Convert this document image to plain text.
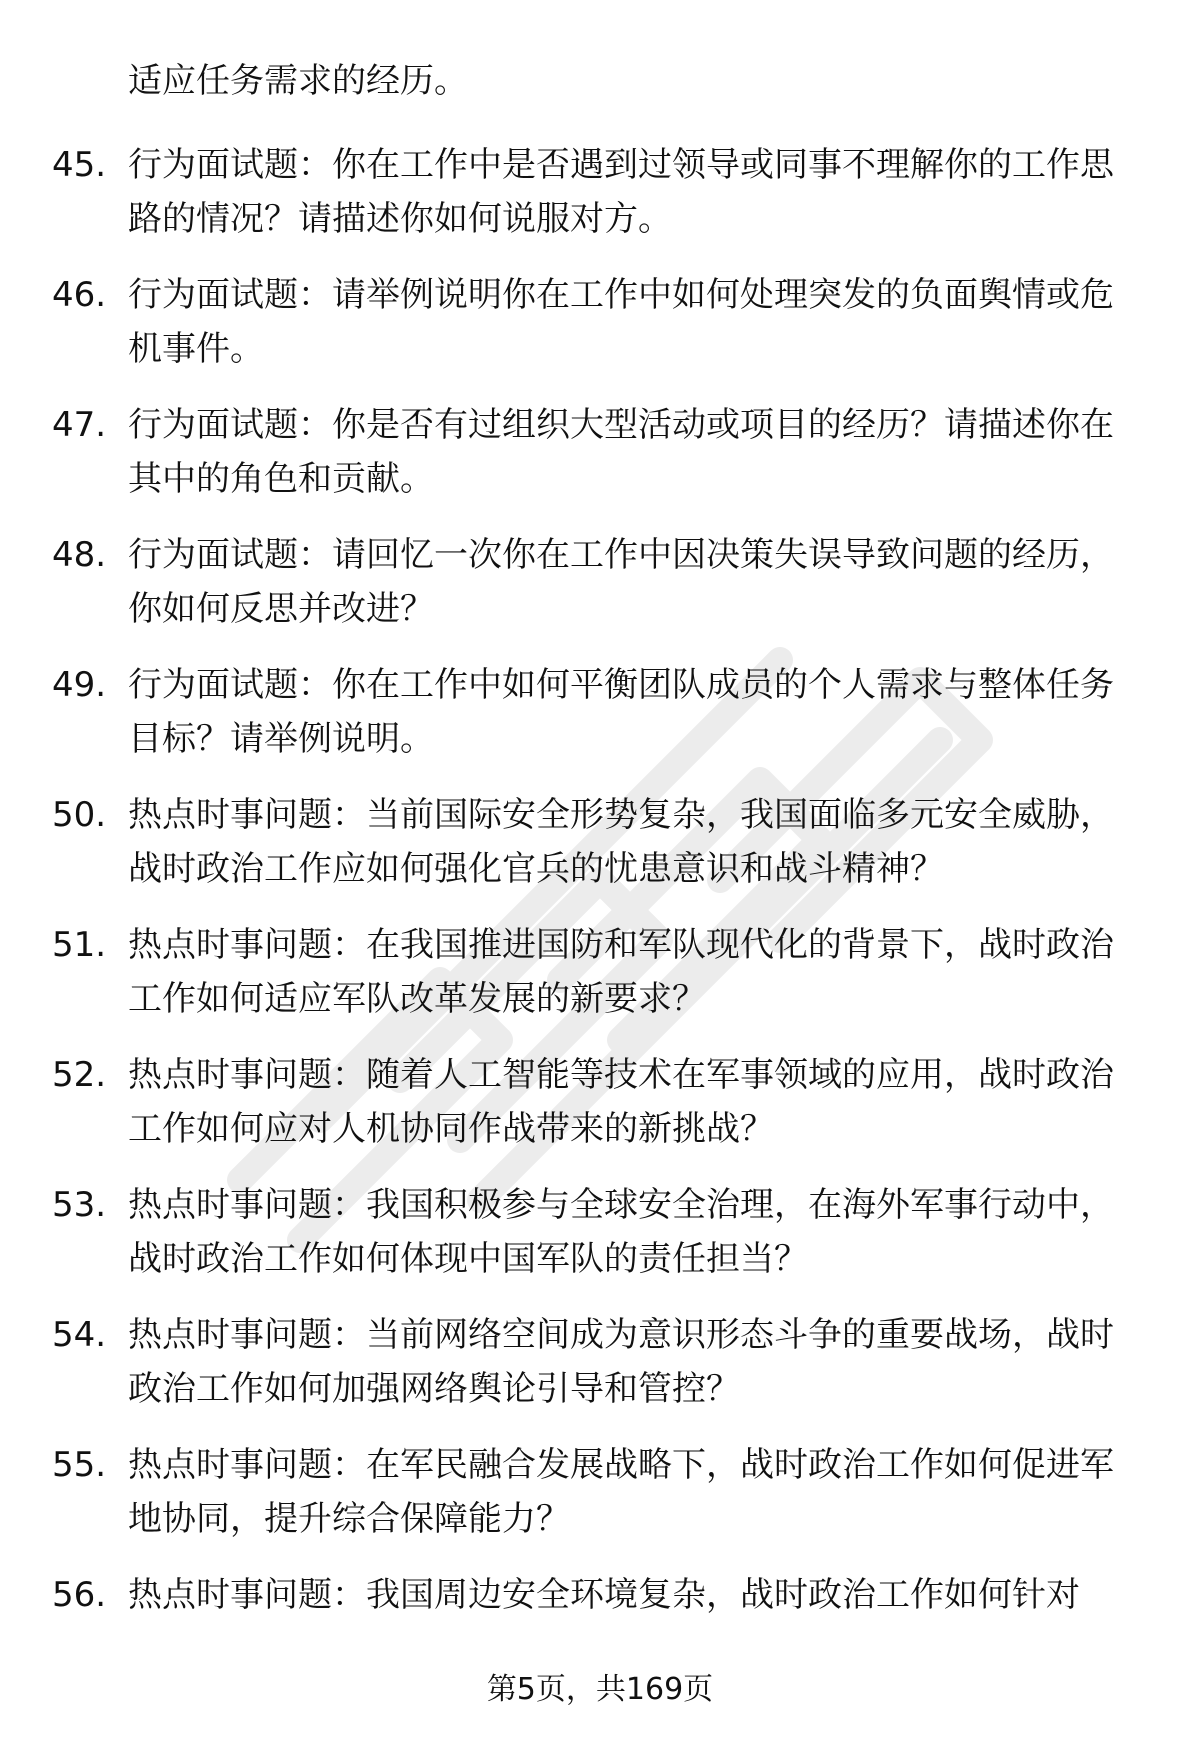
适应任务需求的经历。

45. 行为面试题：你在工作中是否遇到过领导或同事不理解你的工作思路的情况？请描述你如何说服对方。
46. 行为面试题：请举例说明你在工作中如何处理突发的负面舆情或危机事件。
47. 行为面试题：你是否有过组织大型活动或项目的经历？请描述你在其中的角色和贡献。
48. 行为面试题：请回忆一次你在工作中因决策失误导致问题的经历，你如何反思并改进？
49. 行为面试题：你在工作中如何平衡团队成员的个人需求与整体任务目标？请举例说明。
50. 热点时事问题：当前国际安全形势复杂，我国面临多元安全威胁，战时政治工作应如何强化官兵的忧患意识和战斗精神？
51. 热点时事问题：在我国推进国防和军队现代化的背景下，战时政治工作如何适应军队改革发展的新要求？
52. 热点时事问题：随着人工智能等技术在军事领域的应用，战时政治工作如何应对人机协同作战带来的新挑战？
53. 热点时事问题：我国积极参与全球安全治理，在海外军事行动中，战时政治工作如何体现中国军队的责任担当？
54. 热点时事问题：当前网络空间成为意识形态斗争的重要战场，战时政治工作如何加强网络舆论引导和管控？
55. 热点时事问题：在军民融合发展战略下，战时政治工作如何促进军地协同，提升综合保障能力？
56. 热点时事问题：我国周边安全环境复杂，战时政治工作如何针对
第5页，共169页
